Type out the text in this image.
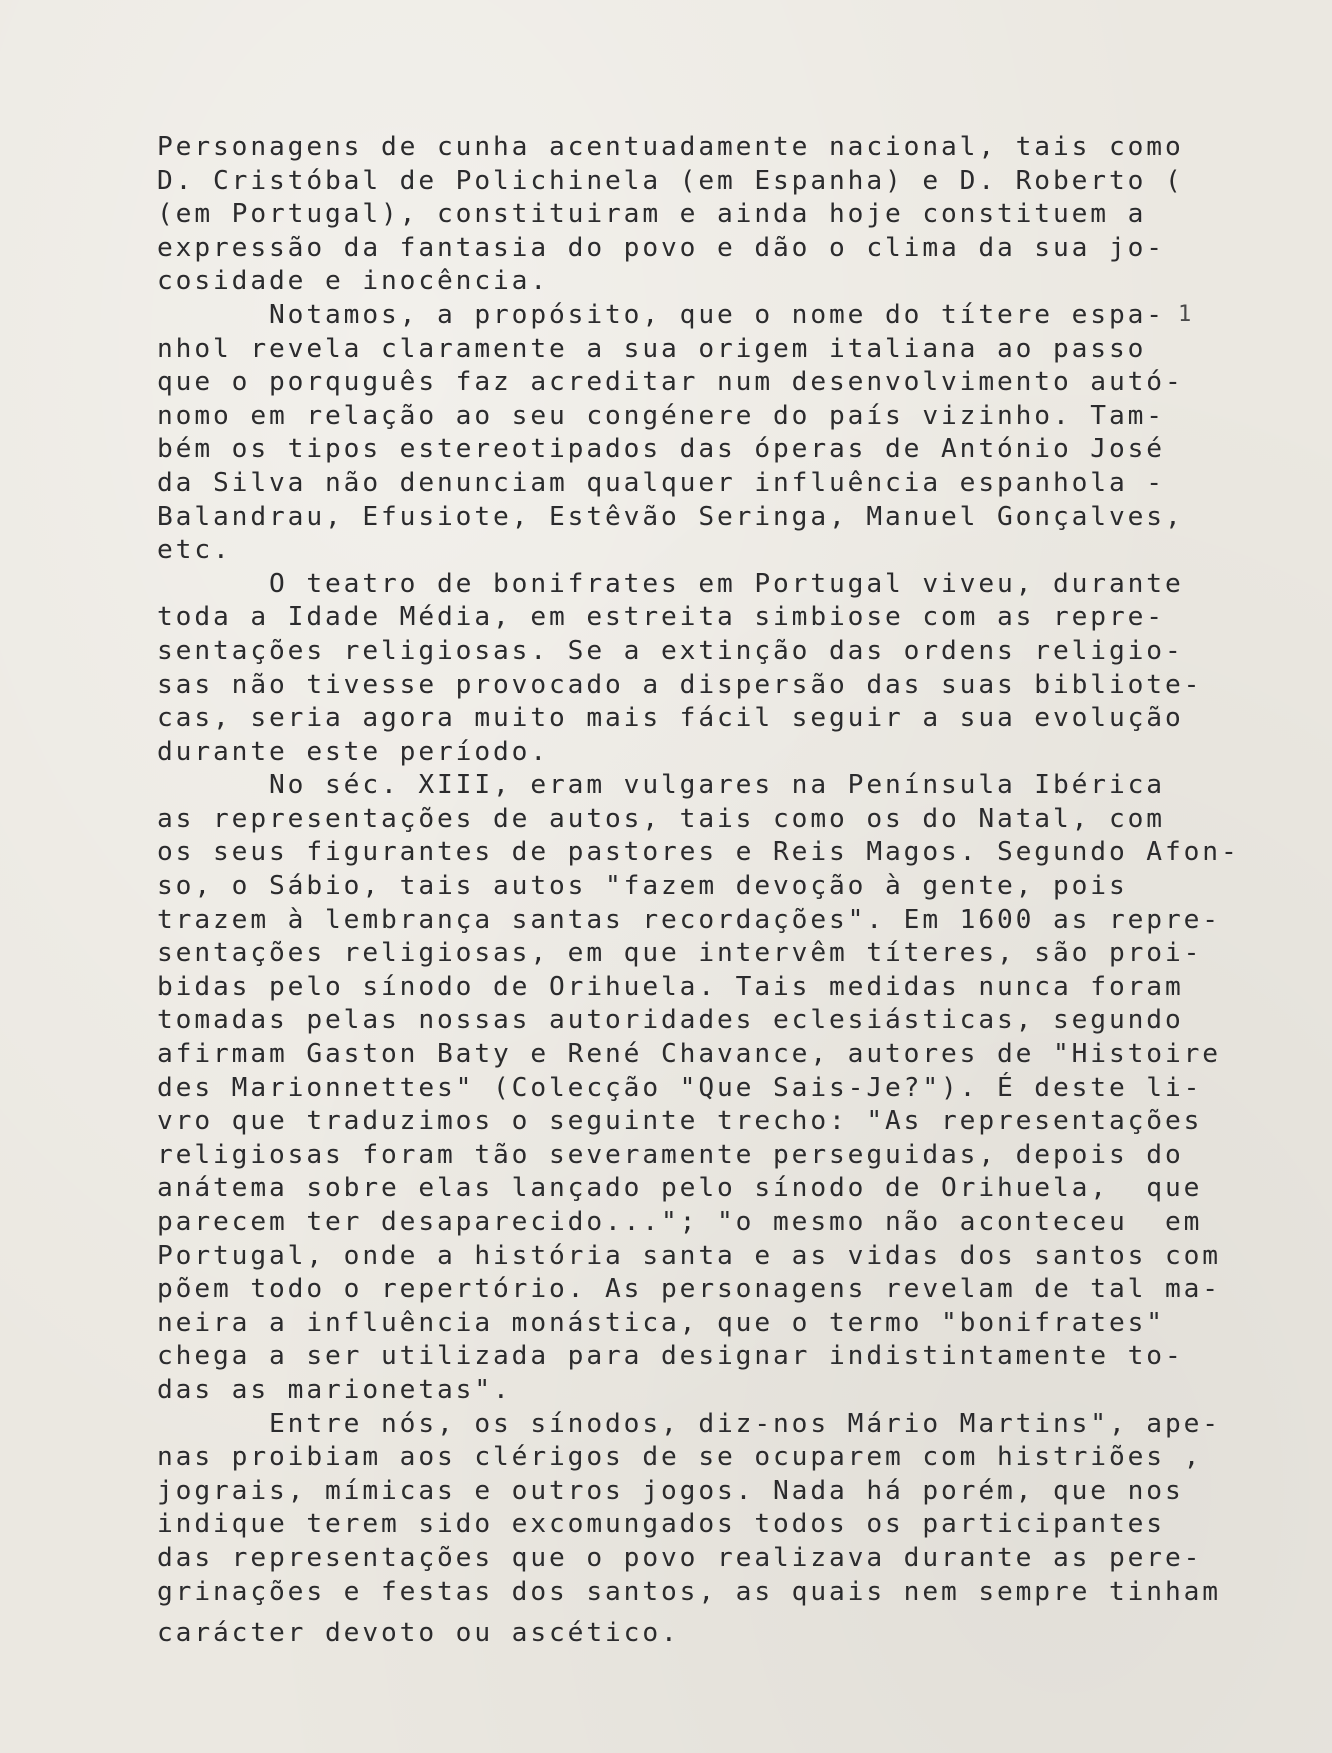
Personagens de cunha acentuadamente nacional, tais como
D. Cristóbal de Polichinela (em Espanha) e D. Roberto (
(em Portugal), constituiram e ainda hoje constituem a
expressão da fantasia do povo e dão o clima da sua jo-
cosidade e inocência.
Notamos, a propósito, que o nome do títere espa-
nhol revela claramente a sua origem italiana ao passo
que o porquguês faz acreditar num desenvolvimento autó-
nomo em relação ao seu congénere do país vizinho. Tam-
bém os tipos estereotipados das óperas de António José
da Silva não denunciam qualquer influência espanhola -
Balandrau, Efusiote, Estêvão Seringa, Manuel Gonçalves,
etc.
O teatro de bonifrates em Portugal viveu, durante
toda a Idade Média, em estreita simbiose com as repre-
sentações religiosas. Se a extinção das ordens religio-
sas não tivesse provocado a dispersão das suas bibliote-
cas, seria agora muito mais fácil seguir a sua evolução
durante este período.
No séc. XIII, eram vulgares na Península Ibérica
as representações de autos, tais como os do Natal, com
os seus figurantes de pastores e Reis Magos. Segundo Afon-
so, o Sábio, tais autos "fazem devoção à gente, pois
trazem à lembrança santas recordações". Em 1600 as repre-
sentações religiosas, em que intervêm títeres, são proi-
bidas pelo sínodo de Orihuela. Tais medidas nunca foram
tomadas pelas nossas autoridades eclesiásticas, segundo
afirmam Gaston Baty e René Chavance, autores de "Histoire
des Marionnettes" (Colecção "Que Sais-Je?"). É deste li-
vro que traduzimos o seguinte trecho: "As representações
religiosas foram tão severamente perseguidas, depois do
anátema sobre elas lançado pelo sínodo de Orihuela,  que
parecem ter desaparecido..."; "o mesmo não aconteceu  em
Portugal, onde a história santa e as vidas dos santos com
põem todo o repertório. As personagens revelam de tal ma-
neira a influência monástica, que o termo "bonifrates"
chega a ser utilizada para designar indistintamente to-
das as marionetas".
Entre nós, os sínodos, diz-nos Mário Martins", ape-
nas proibiam aos clérigos de se ocuparem com histriões ,
jograis, mímicas e outros jogos. Nada há porém, que nos
indique terem sido excomungados todos os participantes
das representações que o povo realizava durante as pere-
grinações e festas dos santos, as quais nem sempre tinham
carácter devoto ou ascético.
1
